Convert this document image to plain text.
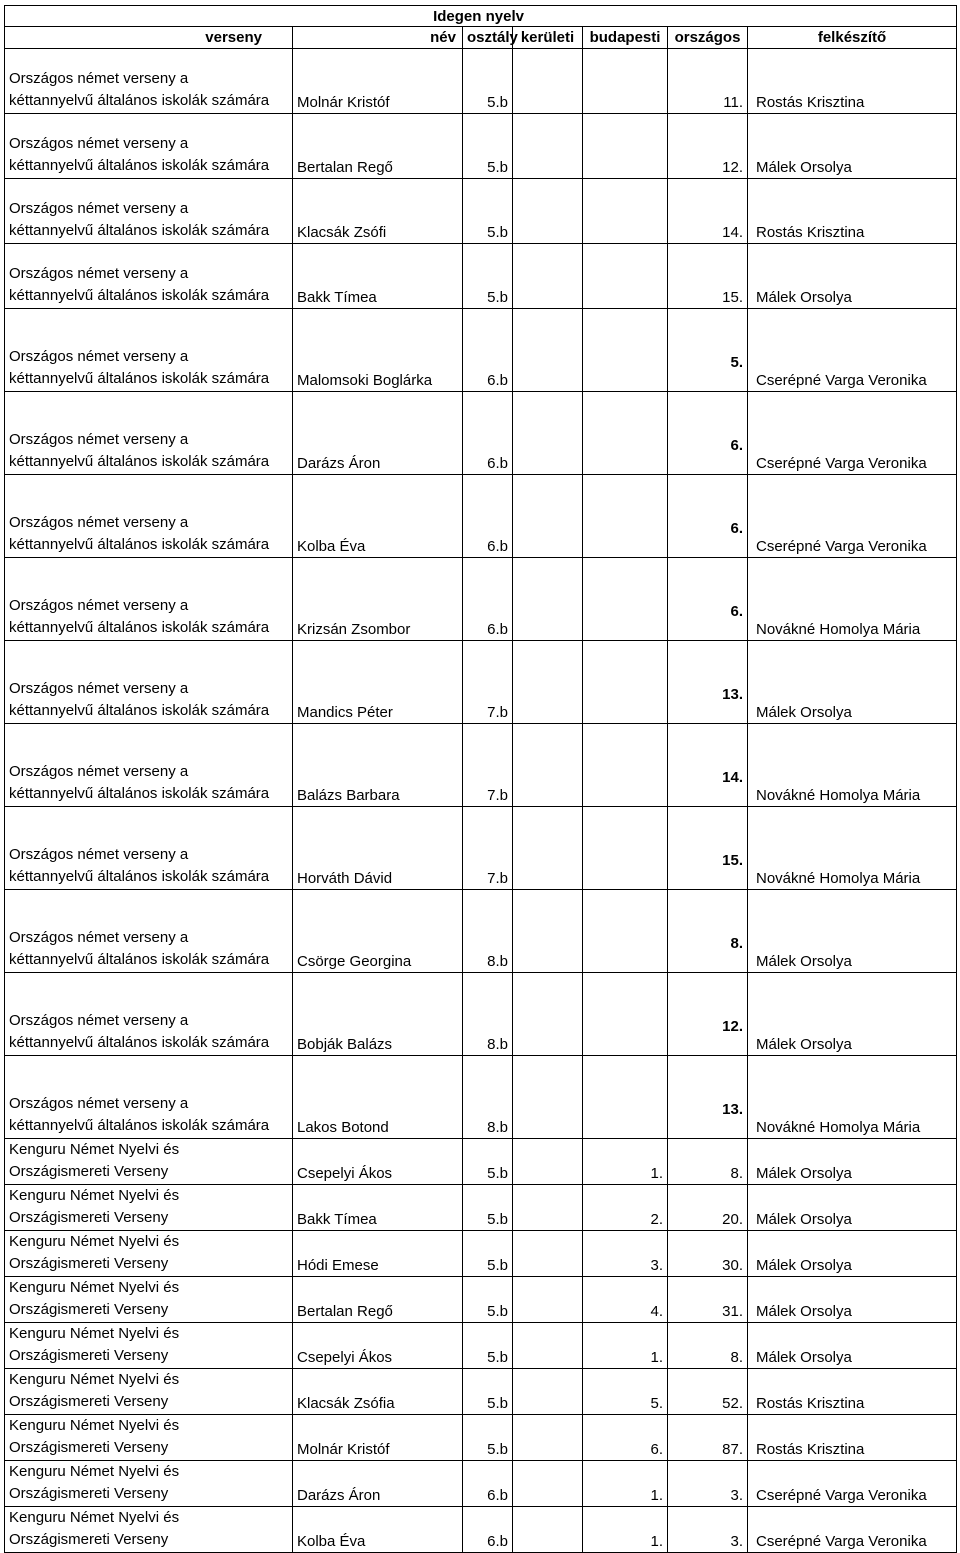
Idegen nyelv						
verseny	név	osztály	kerületi	budapesti	országos	felkészítő

Országos német verseny a
kéttannyelvű általános iskolák számára	Molnár Kristóf	5.b			11.	Rostás Krisztina

Országos német verseny a
kéttannyelvű általános iskolák számára	Bertalan Regő	5.b			12.	Málek Orsolya

Országos német verseny a
kéttannyelvű általános iskolák számára	Klacsák Zsófi	5.b			14.	Rostás Krisztina

Országos német verseny a
kéttannyelvű általános iskolák számára	Bakk Tímea	5.b			15.	Málek Orsolya

Országos német verseny a
kéttannyelvű általános iskolák számára	Malomsoki Boglárka	6.b			5.	Cserépné Varga Veronika

Országos német verseny a
kéttannyelvű általános iskolák számára	Darázs Áron	6.b			6.	Cserépné Varga Veronika

Országos német verseny a
kéttannyelvű általános iskolák számára	Kolba Éva	6.b			6.	Cserépné Varga Veronika

Országos német verseny a
kéttannyelvű általános iskolák számára	Krizsán Zsombor	6.b			6.	Novákné Homolya Mária

Országos német verseny a
kéttannyelvű általános iskolák számára	Mandics Péter	7.b			13.	Málek Orsolya

Országos német verseny a
kéttannyelvű általános iskolák számára	Balázs Barbara	7.b			14.	Novákné Homolya Mária

Országos német verseny a
kéttannyelvű általános iskolák számára	Horváth Dávid	7.b			15.	Novákné Homolya Mária

Országos német verseny a
kéttannyelvű általános iskolák számára	Csörge Georgina	8.b			8.	Málek Orsolya

Országos német verseny a
kéttannyelvű általános iskolák számára	Bobják Balázs	8.b			12.	Málek Orsolya

Országos német verseny a
kéttannyelvű általános iskolák számára	Lakos Botond	8.b			13.	Novákné Homolya Mária

Kenguru Német Nyelvi és
Országismereti Verseny	Csepelyi Ákos	5.b		1.	8.	Málek Orsolya

Kenguru Német Nyelvi és
Országismereti Verseny	Bakk Tímea	5.b		2.	20.	Málek Orsolya

Kenguru Német Nyelvi és
Országismereti Verseny	Hódi Emese	5.b		3.	30.	Málek Orsolya

Kenguru Német Nyelvi és
Országismereti Verseny	Bertalan Regő	5.b		4.	31.	Málek Orsolya

Kenguru Német Nyelvi és
Országismereti Verseny	Csepelyi Ákos	5.b		1.	8.	Málek Orsolya

Kenguru Német Nyelvi és
Országismereti Verseny	Klacsák Zsófia	5.b		5.	52.	Rostás Krisztina

Kenguru Német Nyelvi és
Országismereti Verseny	Molnár Kristóf	5.b		6.	87.	Rostás Krisztina

Kenguru Német Nyelvi és
Országismereti Verseny	Darázs Áron	6.b		1.	3.	Cserépné Varga Veronika

Kenguru Német Nyelvi és
Országismereti Verseny	Kolba Éva	6.b		1.	3.	Cserépné Varga Veronika
